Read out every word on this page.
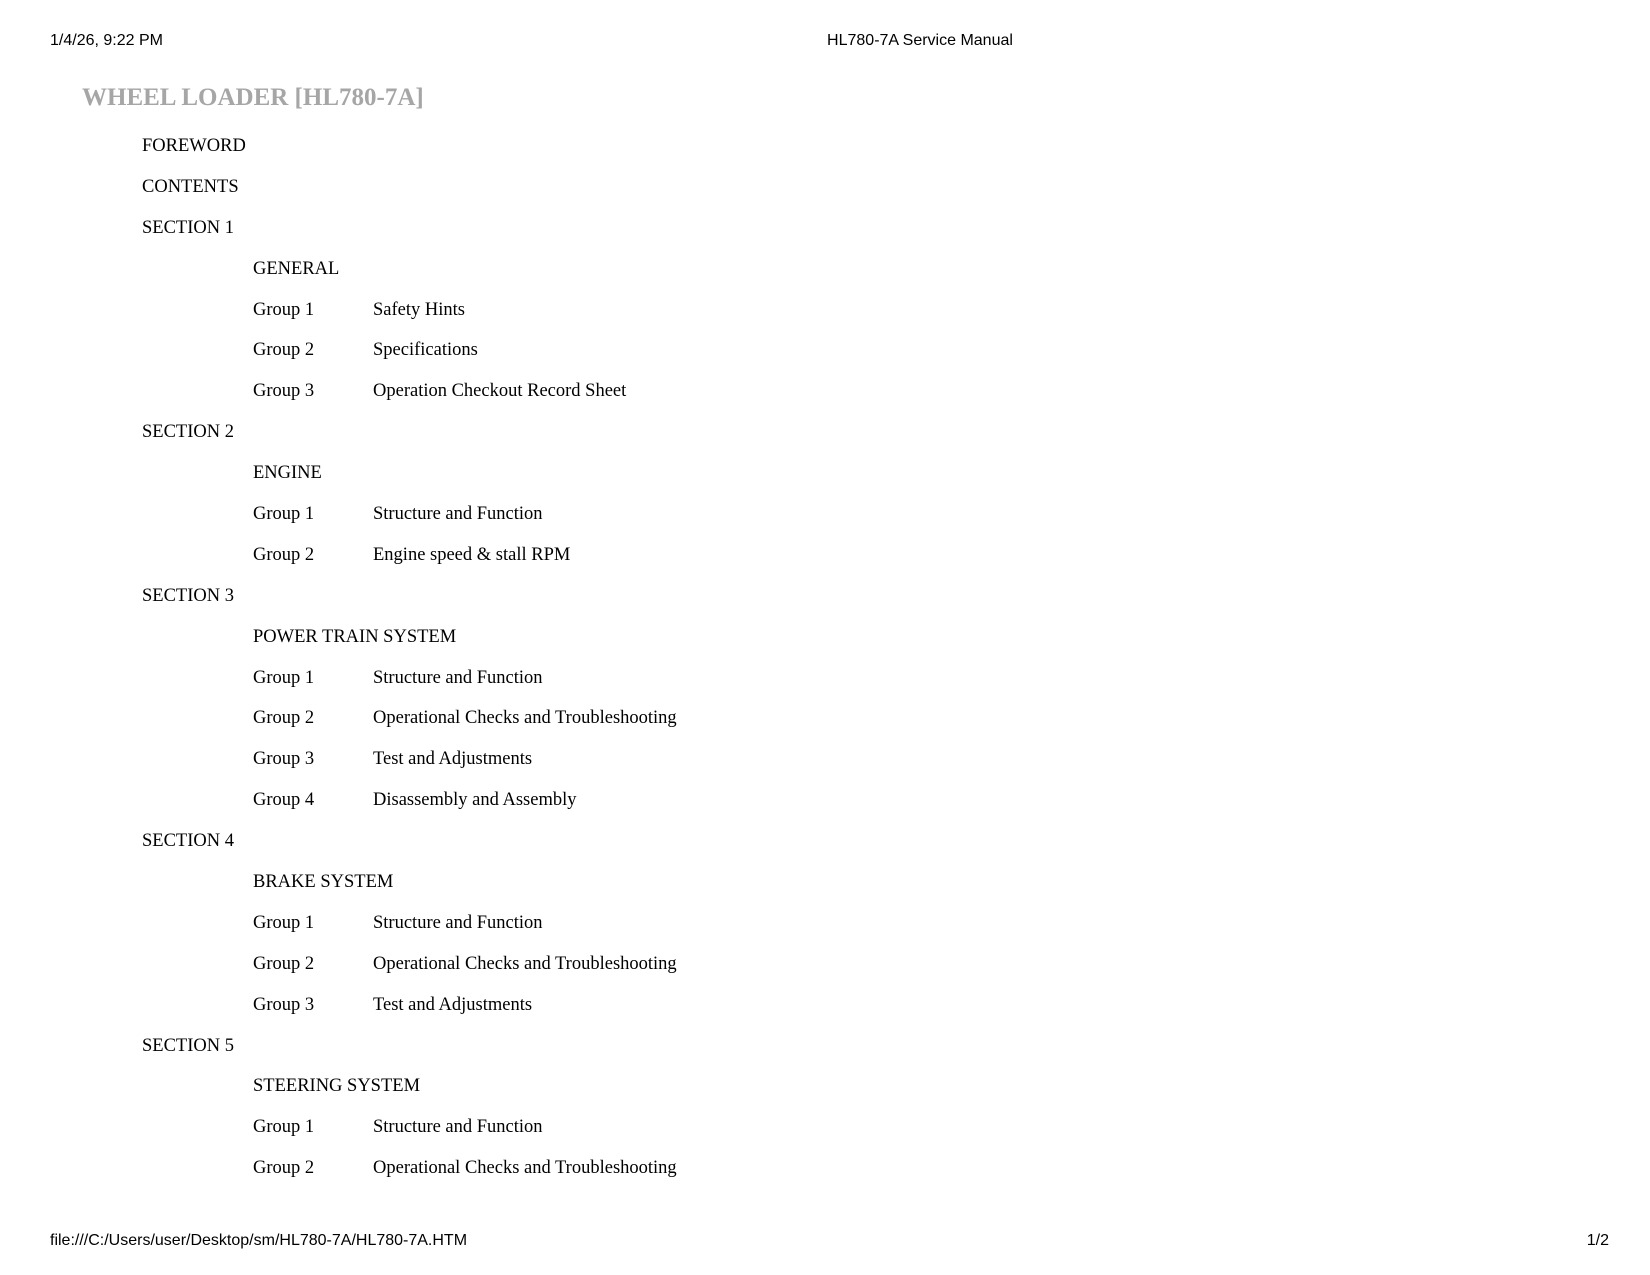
1/4/26, 9:22 PM	HL780-7A Service Manual
WHEEL LOADER [HL780-7A]
FOREWORD
CONTENTS
SECTION 1
GENERAL
Group 1	Safety Hints
Group 2	Specifications
Group 3	Operation Checkout Record Sheet
SECTION 2
ENGINE
Group 1	Structure and Function
Group 2	Engine speed & stall RPM
SECTION 3
POWER TRAIN SYSTEM
Group 1	Structure and Function
Group 2	Operational Checks and Troubleshooting
Group 3	Test and Adjustments
Group 4	Disassembly and Assembly
SECTION 4
BRAKE SYSTEM
Group 1	Structure and Function
Group 2	Operational Checks and Troubleshooting
Group 3	Test and Adjustments
SECTION 5
STEERING SYSTEM
Group 1	Structure and Function
Group 2	Operational Checks and Troubleshooting
file:///C:/Users/user/Desktop/sm/HL780-7A/HL780-7A.HTM	1/2
